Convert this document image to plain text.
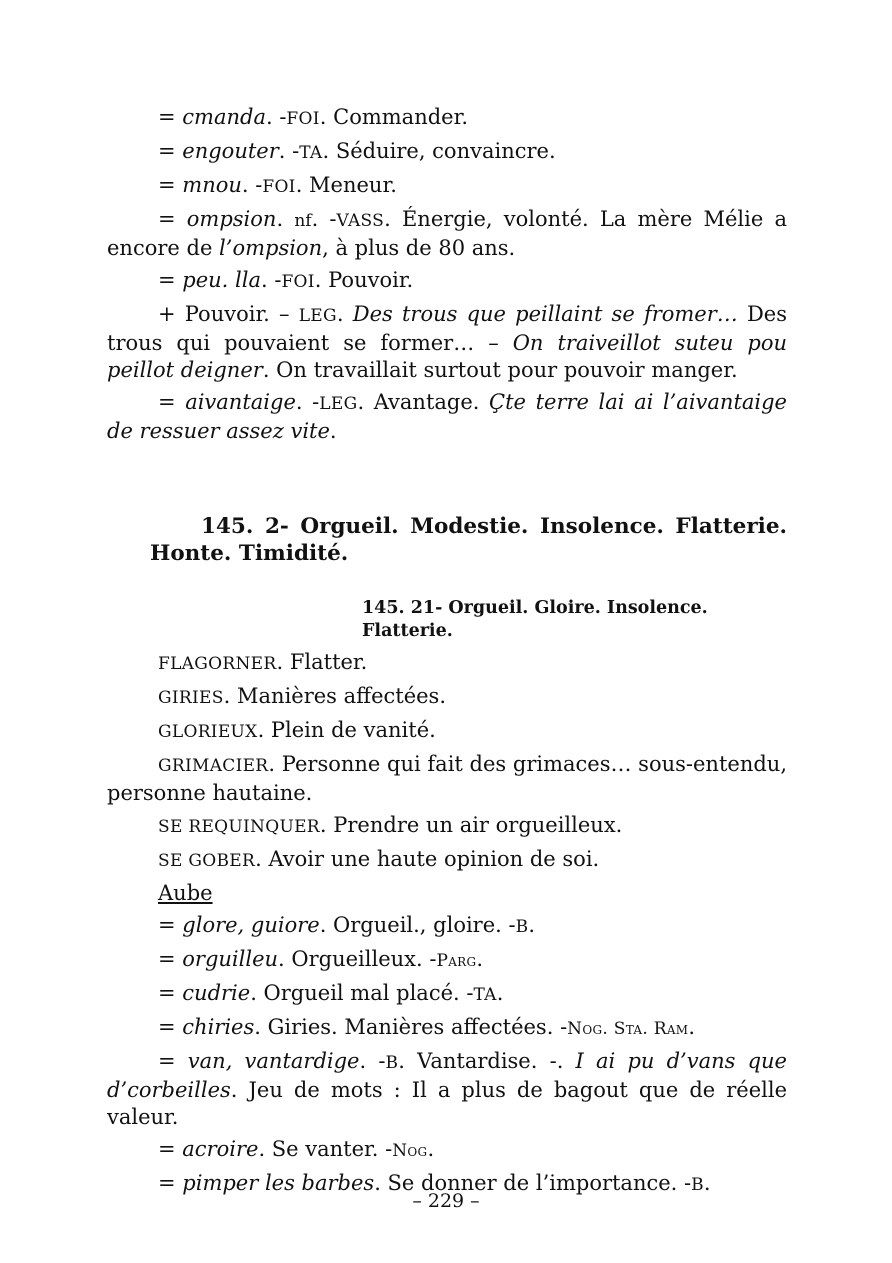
= cmanda. -FOI. Commander.

= engouter. -TA. Séduire, convaincre.

= mnou. -FOI. Meneur.

= ompsion. nf. -VASS. Énergie, volonté. La mère Mélie a encore de l’ompsion, à plus de 80 ans.

= peu. lla. -FOI. Pouvoir.

+ Pouvoir. – LEG. Des trous que peillaint se fromer… Des trous qui pouvaient se former… – On traiveillot suteu pou peillot deigner. On travaillait surtout pour pouvoir manger.

= aivantaige. -LEG. Avantage. Çte terre lai ai l’aivantaige de ressuer assez vite.

145. 2- Orgueil. Modestie. Insolence. Flatterie. Honte. Timidité.
145. 21- Orgueil. Gloire. Insolence.
Flatterie.

FLAGORNER. Flatter.

GIRIES. Manières affectées.

GLORIEUX. Plein de vanité.

GRIMACIER. Personne qui fait des grimaces… sous-entendu, personne hautaine.

SE REQUINQUER. Prendre un air orgueilleux.

SE GOBER. Avoir une haute opinion de soi.

Aube

= glore, guiore. Orgueil., gloire. -B.

= orguilleu. Orgueilleux. -Parg.

= cudrie. Orgueil mal placé. -TA.

= chiries. Giries. Manières affectées. -Nog. Sta. Ram.

= van, vantardige. -B. Vantardise. -. I ai pu d’vans que d’corbeilles. Jeu de mots : Il a plus de bagout que de réelle valeur.

= acroire. Se vanter. -Nog.

= pimper les barbes. Se donner de l’importance. -B.

– 229 –
